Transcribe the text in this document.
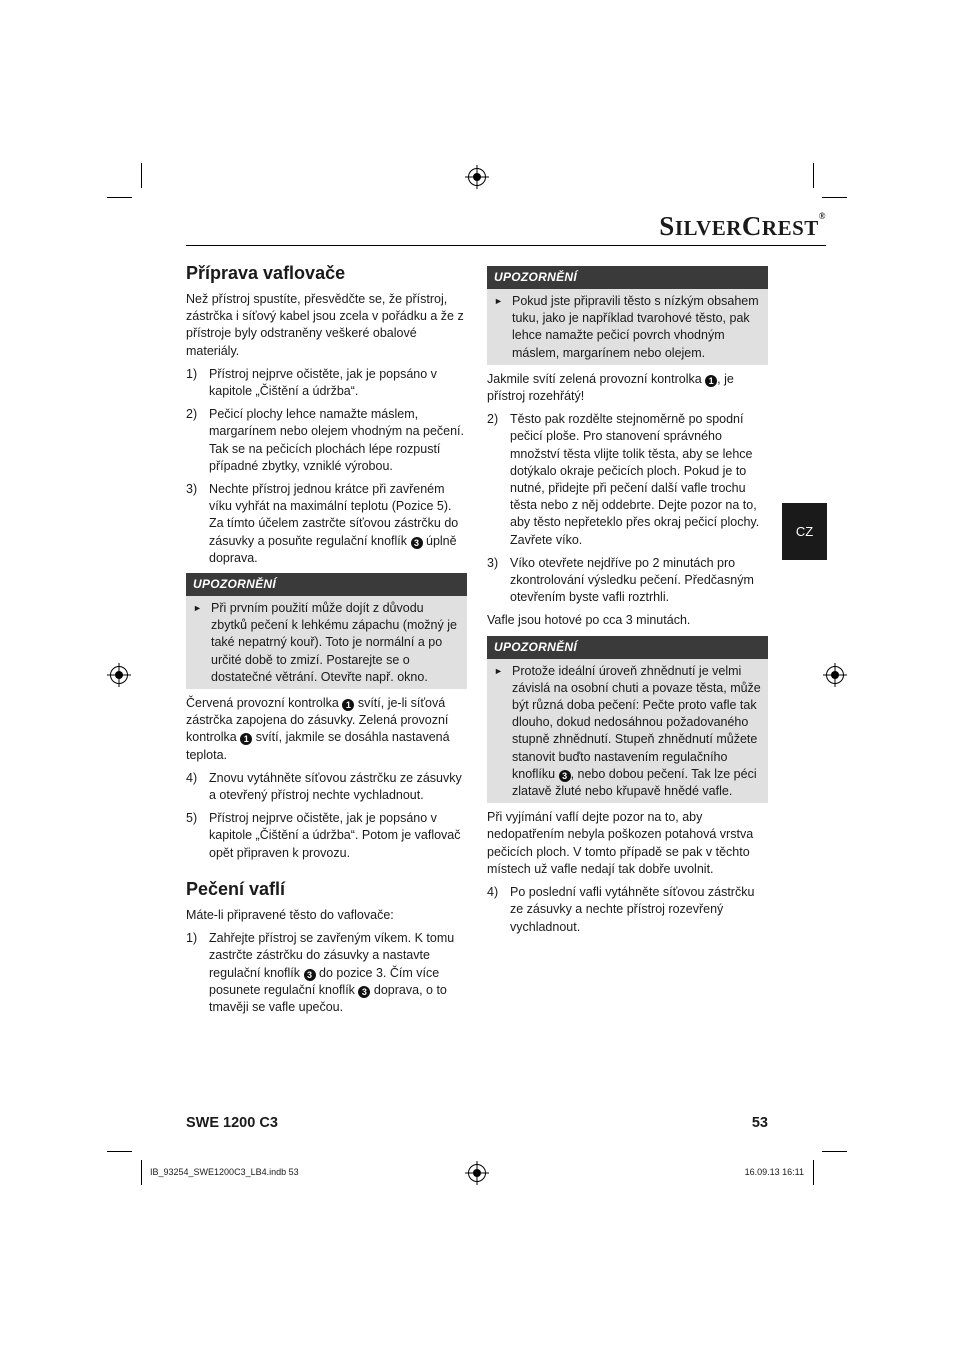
SILVERCREST®
CZ
Příprava vaflovače

Než přístroj spustíte, přesvědčte se, že přístroj, zástrčka i síťový kabel jsou zcela v pořádku a že z přístroje byly odstraněny veškeré obalové materiály.

1) Přístroj nejprve očistěte, jak je popsáno v kapitole „Čištění a údržba“.
2) Pečicí plochy lehce namažte máslem, margarínem nebo olejem vhodným na pečení. Tak se na pečicích plochách lépe rozpustí případné zbytky, vzniklé výrobou.
3) Nechte přístroj jednou krátce při zavřeném víku vyhřát na maximální teplotu (Pozice 5). Za tímto účelem zastrčte síťovou zástrčku do zásuvky a posuňte regulační knoflík 3 úplně doprava.
UPOZORNĚNÍ
► Při prvním použití může dojít z důvodu zbytků pečení k lehkému zápachu (možný je také nepatrný kouř). Toto je normální a po určité době to zmizí. Postarejte se o dostatečné větrání. Otevřte např. okno.

Červená provozní kontrolka 1 svítí, je-li síťová zástrčka zapojena do zásuvky. Zelená provozní kontrolka 1 svítí, jakmile se dosáhla nastavená teplota.

4) Znovu vytáhněte síťovou zástrčku ze zásuvky a otevřený přístroj nechte vychladnout.
5) Přístroj nejprve očistěte, jak je popsáno v kapitole „Čištění a údržba“. Potom je vaflovač opět připraven k provozu.
Pečení vaflí

Máte-li připravené těsto do vaflovače:

1) Zahřejte přístroj se zavřeným víkem. K tomu zastrčte zástrčku do zásuvky a nastavte regulační knoflík 3 do pozice 3. Čím více posunete regulační knoflík 3 doprava, o to tmavěji se vafle upečou.
UPOZORNĚNÍ
► Pokud jste připravili těsto s nízkým obsahem tuku, jako je například tvarohové těsto, pak lehce namažte pečicí povrch vhodným máslem, margarínem nebo olejem.

Jakmile svítí zelená provozní kontrolka 1 , je přístroj rozehřátý!

2) Těsto pak rozdělte stejnoměrně po spodní pečicí ploše. Pro stanovení správného množství těsta vlijte tolik těsta, aby se lehce dotýkalo okraje pečicích ploch. Pokud je to nutné, přidejte při pečení další vafle trochu těsta nebo z něj oddebrte. Dejte pozor na to, aby těsto nepřeteklo přes okraj pečicí plochy. Zavřete víko.
3) Víko otevřete nejdříve po 2 minutách pro zkontrolování výsledku pečení. Předčasným otevřením byste vafli roztrhli.

Vafle jsou hotové po cca 3 minutách.

UPOZORNĚNÍ
► Protože ideální úroveň zhnědnutí je velmi závislá na osobní chuti a povaze těsta, může být různá doba pečení: Pečte proto vafle tak dlouho, dokud nedosáhnou požadovaného stupně zhnědnutí. Stupeň zhnědnutí můžete stanovit buďto nastavením regulačního knoflíku 3 , nebo dobou pečení. Tak lze péci zlatavě žluté nebo křupavě hnědé vafle.

Při vyjímání vaflí dejte pozor na to, aby nedopatřením nebyla poškozen potahová vrstva pečicích ploch. V tomto případě se pak v těchto místech už vafle nedají tak dobře uvolnit.

4) Po poslední vafli vytáhněte síťovou zástrčku ze zásuvky a nechte přístroj rozevřený vychladnout.
SWE 1200 C3	53
IB_93254_SWE1200C3_LB4.indb 53	16.09.13 16:11
